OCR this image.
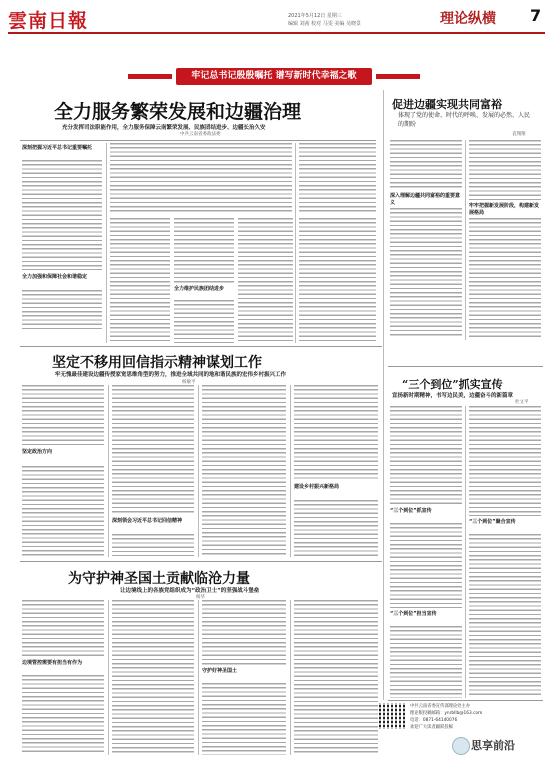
雲南日報	2021年5月12日 星期三
编辑 刘茜 校对 马雯 美编 吴晓景	理论纵横 7
牢记总书记殷殷嘱托 谱写新时代幸福之歌
全力服务繁荣发展和边疆治理
充分发挥司法职能作用，全力服务保障云南繁荣发展、民族团结进步、边疆长治久安
中共云南省委政法委
深刻把握习近平总书记重要嘱托
全力加强和保障社会和谐稳定
全力维护民族团结进步
促进边疆实现共同富裕
体现了党的使命、时代的呼唤、发展的必然、人民的期盼
袁翔翔
深入理解边疆共同富裕的重要意义	牢牢把握新发展阶段，构建新发展格局
坚定不移用回信指示精神谋划工作
牢无愧最佳建设边疆传授家宽思维角型的努力，推进全域共同的地和谐民族的宏伟乡村振兴工作
杨敏平
坚定政治方向
深刻领会习近平总书记回信精神
建设乡村振兴新格局
“三个到位”抓实宣传
宣扬新时期精神，书写边民美，边疆奋斗的新篇章
杜文平
“三个到位”抓宣传
“三个到位”担当宣传
“三个到位”聚合宣传
为守护神圣国土贡献临沧力量
让边境线上的各族党组织成为“政治卫士”的坚强战斗堡垒
杨华
边境管控需要有担当有作为
守护好神圣国土
中共云南省委宣传部理论处主办
理论版投稿邮箱：ynrbllb@163.com
电话：0871-64140076
欢迎广大读者踊跃投稿
思享前沿
